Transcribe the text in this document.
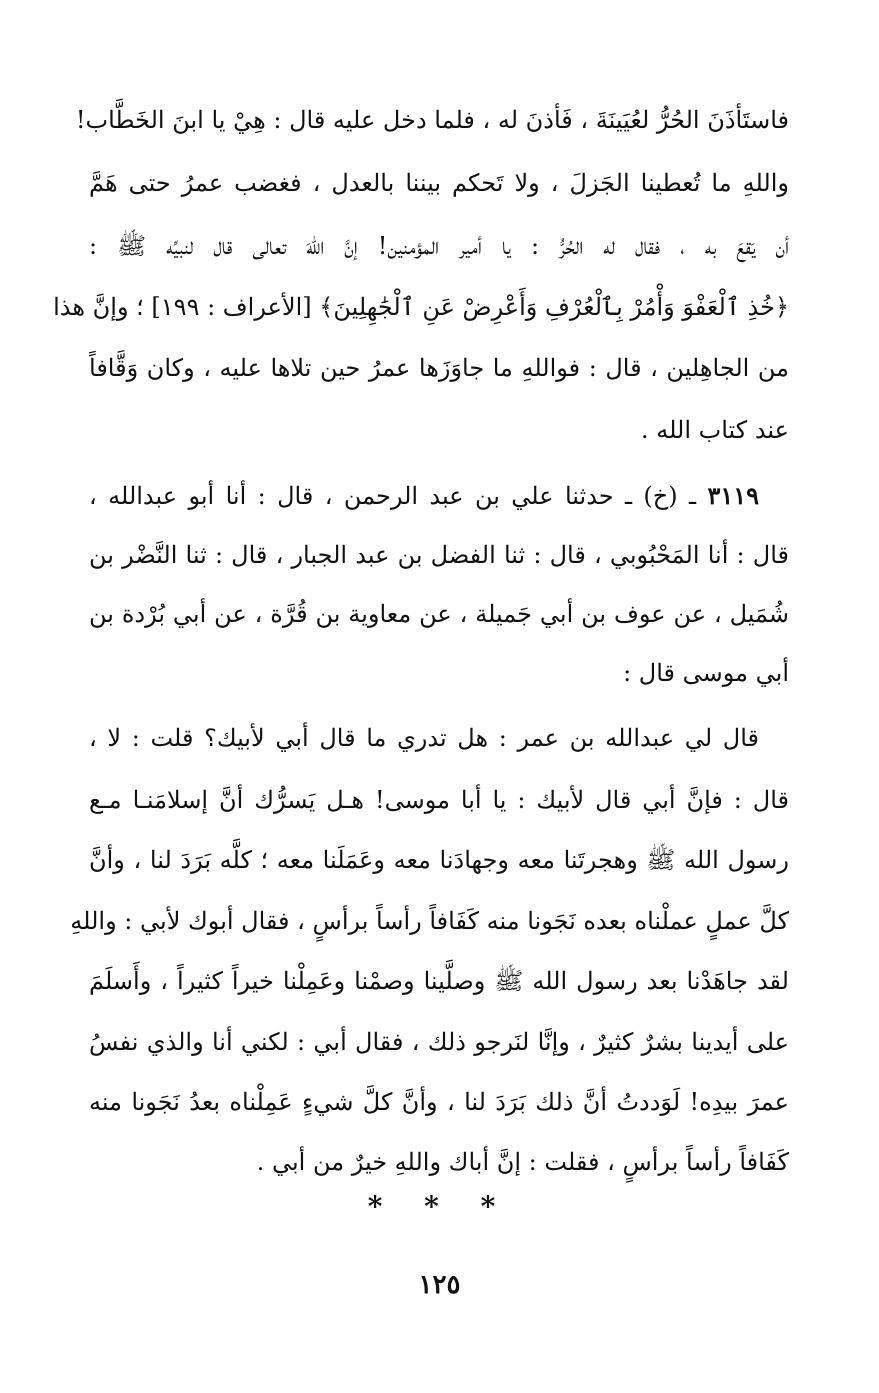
فاستَأذَنَ الحُرُّ لعُيَينَةَ ، فَأذنَ له ، فلما دخل عليه قال : هِيْ يا ابنَ الخَطَّاب!
واللهِ ما تُعطينا الجَزلَ ، ولا تَحكم بيننا بالعدل ، فغضب عمرُ حتى هَمَّ
أن يَقعَ به ، فقال له الحُرُّ : يا أمير المؤمنين! إنَّ اللهَ تعالى قال لنبيِّه ﷺ :
﴿خُذِ ٱلْعَفْوَ وَأْمُرْ بِٱلْعُرْفِ وَأَعْرِضْ عَنِ ٱلْجَٰهِلِينَ﴾ [الأعراف : ١٩٩] ؛ وإنَّ هذا
من الجاهِلين ، قال : فواللهِ ما جاوَزَها عمرُ حين تلاها عليه ، وكان وَقَّافاً
عند كتاب الله .
٣١١٩ ـ (خ) ـ حدثنا علي بن عبد الرحمن ، قال : أنا أبو عبدالله ،
قال : أنا المَحْبُوبي ، قال : ثنا الفضل بن عبد الجبار ، قال : ثنا النَّضْر بن
شُمَيل ، عن عوف بن أبي جَميلة ، عن معاوية بن قُرَّة ، عن أبي بُرْدة بن
أبي موسى قال :
قال لي عبدالله بن عمر : هل تدري ما قال أبي لأبيك؟ قلت : لا ،
قال : فإنَّ أبي قال لأبيك : يا أبا موسى! هـل يَسرُّك أنَّ إسلامَنـا مـع
رسول الله ﷺ وهجرتَنا معه وجهادَنا معه وعَمَلَنا معه ؛ كلَّه بَرَدَ لنا ، وأنَّ
كلَّ عملٍ عملْناه بعده نَجَونا منه كَفَافاً رأساً برأسٍ ، فقال أبوك لأبي : واللهِ
لقد جاهَدْنا بعد رسول الله ﷺ وصلَّينا وصمْنا وعَمِلْنا خيراً كثيراً ، وأَسلَمَ
على أيدينا بشرٌ كثيرٌ ، وإنَّا لنَرجو ذلك ، فقال أبي : لكني أنا والذي نفسُ
عمرَ بيدِه! لَوَددتُ أنَّ ذلك بَرَدَ لنا ، وأنَّ كلَّ شيءٍ عَمِلْناه بعدُ نَجَونا منه
كَفَافاً رأساً برأسٍ ، فقلت : إنَّ أباك واللهِ خيرٌ من أبي .
* * *
١٢٥
